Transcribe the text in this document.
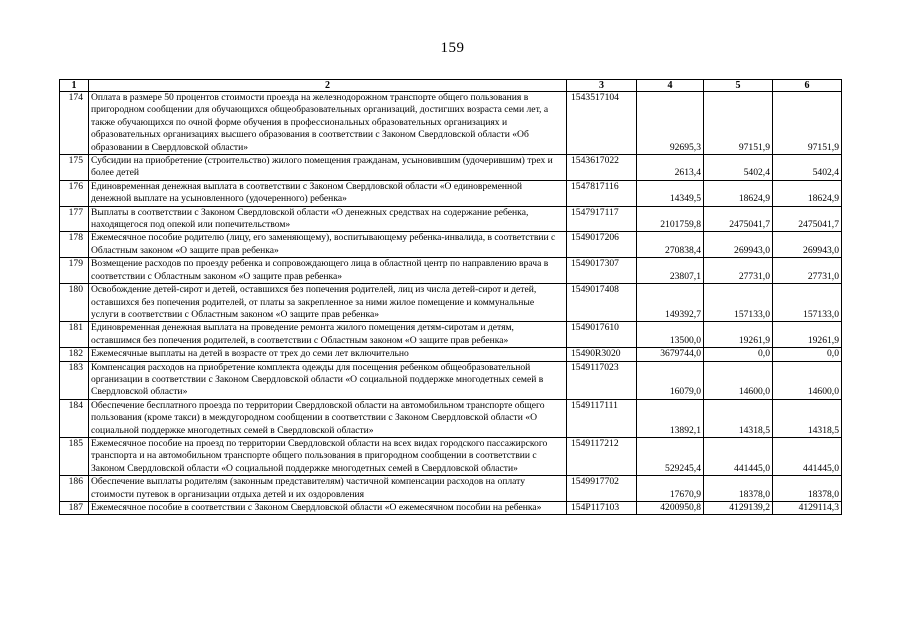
159
1	2	3	4	5	6
174	Оплата в размере 50 процентов стоимости проезда на железнодорожном транспорте общего пользования в пригородном сообщении для обучающихся общеобразовательных организаций, достигших возраста семи лет, а также обучающихся по очной форме обучения в профессиональных образовательных организациях и образовательных организациях высшего образования в соответствии с Законом Свердловской области «Об образовании в Свердловской области»	1543517104	92695,3	97151,9	97151,9
175	Субсидии на приобретение (строительство) жилого помещения гражданам, усыновившим (удочерившим) трех и более детей	1543617022	2613,4	5402,4	5402,4
176	Единовременная денежная выплата в соответствии с Законом Свердловской области «О единовременной денежной выплате на усыновленного (удочеренного) ребенка»	1547817116	14349,5	18624,9	18624,9
177	Выплаты в соответствии с Законом Свердловской области «О денежных средствах на содержание ребенка, находящегося под опекой или попечительством»	1547917117	2101759,8	2475041,7	2475041,7
178	Ежемесячное пособие родителю (лицу, его заменяющему), воспитывающему ребенка-инвалида, в соответствии с Областным законом «О защите прав ребенка»	1549017206	270838,4	269943,0	269943,0
179	Возмещение расходов по проезду ребенка и сопровождающего лица в областной центр по направлению врача в соответствии с Областным законом «О защите прав ребенка»	1549017307	23807,1	27731,0	27731,0
180	Освобождение детей-сирот и детей, оставшихся без попечения родителей, лиц из числа детей-сирот и детей, оставшихся без попечения родителей, от платы за закрепленное за ними жилое помещение и коммунальные услуги в соответствии с Областным законом «О защите прав ребенка»	1549017408	149392,7	157133,0	157133,0
181	Единовременная денежная выплата на проведение ремонта жилого помещения детям-сиротам и детям, оставшимся без попечения родителей, в соответствии с Областным законом «О защите прав ребенка»	1549017610	13500,0	19261,9	19261,9
182	Ежемесячные выплаты на детей в возрасте от трех до семи лет включительно	15490R3020	3679744,0	0,0	0,0
183	Компенсация расходов на приобретение комплекта одежды для посещения ребенком общеобразовательной организации в соответствии с Законом Свердловской области «О социальной поддержке многодетных семей в Свердловской области»	1549117023	16079,0	14600,0	14600,0
184	Обеспечение бесплатного проезда по территории Свердловской области на автомобильном транспорте общего пользования (кроме такси) в междугородном сообщении в соответствии с Законом Свердловской области «О социальной поддержке многодетных семей в Свердловской области»	1549117111	13892,1	14318,5	14318,5
185	Ежемесячное пособие на проезд по территории Свердловской области на всех видах городского пассажирского транспорта и на автомобильном транспорте общего пользования в пригородном сообщении в соответствии с Законом Свердловской области «О социальной поддержке многодетных семей в Свердловской области»	1549117212	529245,4	441445,0	441445,0
186	Обеспечение выплаты родителям (законным представителям) частичной компенсации расходов на оплату стоимости путевок в организации отдыха детей и их оздоровления	1549917702	17670,9	18378,0	18378,0
187	Ежемесячное пособие в соответствии с Законом Свердловской области «О ежемесячном пособии на ребенка»	154P117103	4200950,8	4129139,2	4129114,3
